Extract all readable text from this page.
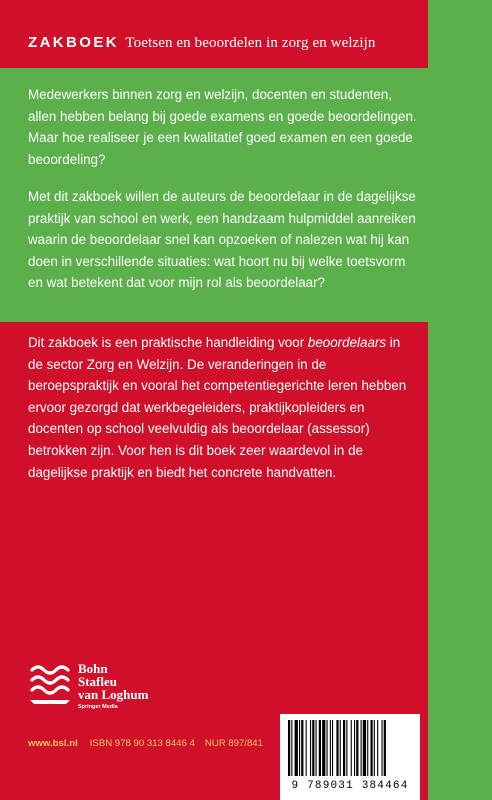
ZAKBOEK Toetsen en beoordelen in zorg en welzijn

Medewerkers binnen zorg en welzijn, docenten en studenten, allen hebben belang bij goede examens en goede beoordelingen. Maar hoe realiseer je een kwalitatief goed examen en een goede beoordeling?

Met dit zakboek willen de auteurs de beoordelaar in de dagelijkse praktijk van school en werk, een handzaam hulpmiddel aanreiken waarin de beoordelaar snel kan opzoeken of nalezen wat hij kan doen in verschillende situaties: wat hoort nu bij welke toetsvorm en wat betekent dat voor mijn rol als beoordelaar?

Dit zakboek is een praktische handleiding voor beoordelaars in de sector Zorg en Welzijn. De veranderingen in de beroepspraktijk en vooral het competentiegerichte leren hebben ervoor gezorgd dat werkbegeleiders, praktijkopleiders en docenten op school veelvuldig als beoordelaar (assessor) betrokken zijn. Voor hen is dit boek zeer waardevol in de dagelijkse praktijk en biedt het concrete handvatten.

Bohn
Stafleu
van Loghum
Springer Media
www.bsl.nl ISBN 978 90 313 8446 4 NUR 897/841
9 789031 384464
